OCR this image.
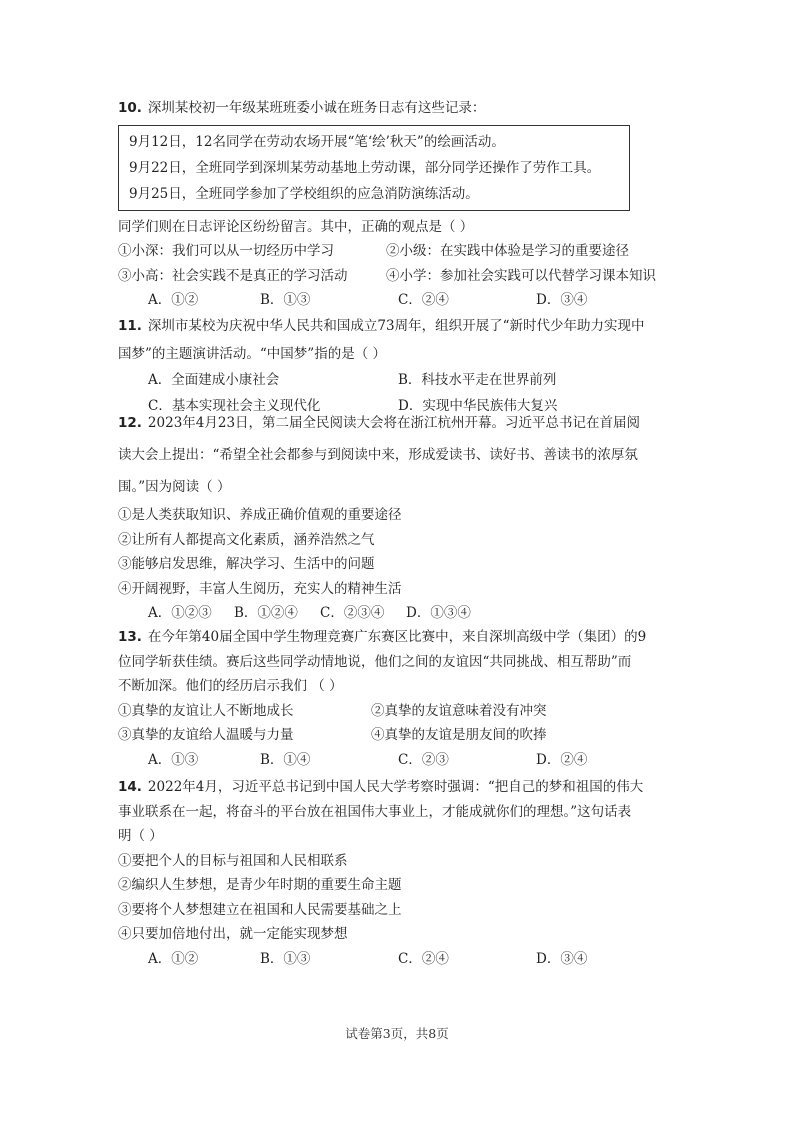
10. 深圳某校初一年级某班班委小诚在班务日志有这些记录：
9月12日，12名同学在劳动农场开展“笔‘绘’秋天”的绘画活动。
9月22日，全班同学到深圳某劳动基地上劳动课，部分同学还操作了劳作工具。
9月25日，全班同学参加了学校组织的应急消防演练活动。
同学们则在日志评论区纷纷留言。其中，正确的观点是（ ）
①小深：我们可以从一切经历中学习	②小级：在实践中体验是学习的重要途径
③小高：社会实践不是真正的学习活动	④小学：参加社会实践可以代替学习课本知识
A．①②	B．①③	C．②④	D．③④
11. 深圳市某校为庆祝中华人民共和国成立73周年，组织开展了“新时代少年助力实现中
国梦”的主题演讲活动。“中国梦”指的是（ ）
A．全面建成小康社会	B．科技水平走在世界前列
C．基本实现社会主义现代化	D．实现中华民族伟大复兴
12. 2023年4月23日，第二届全民阅读大会将在浙江杭州开幕。习近平总书记在首届阅
读大会上提出：“希望全社会都参与到阅读中来，形成爱读书、读好书、善读书的浓厚氛
围。”因为阅读（ ）
①是人类获取知识、养成正确价值观的重要途径
②让所有人都提高文化素质，涵养浩然之气
③能够启发思维，解决学习、生活中的问题
④开阔视野，丰富人生阅历，充实人的精神生活
A．①②③	B．①②④	C．②③④	D．①③④
13. 在今年第40届全国中学生物理竞赛广东赛区比赛中，来自深圳高级中学（集团）的9
位同学斩获佳绩。赛后这些同学动情地说，他们之间的友谊因“共同挑战、相互帮助”而
不断加深。他们的经历启示我们 （ ）
①真挚的友谊让人不断地成长	②真挚的友谊意味着没有冲突
③真挚的友谊给人温暖与力量	④真挚的友谊是朋友间的吹捧
A．①③	B．①④	C．②③	D．②④
14. 2022年4月，习近平总书记到中国人民大学考察时强调：“把自己的梦和祖国的伟大
事业联系在一起，将奋斗的平台放在祖国伟大事业上，才能成就你们的理想。”这句话表
明（ ）
①要把个人的目标与祖国和人民相联系
②编织人生梦想，是青少年时期的重要生命主题
③要将个人梦想建立在祖国和人民需要基础之上
④只要加倍地付出，就一定能实现梦想
A．①②	B．①③	C．②④	D．③④
试卷第3页，共8页
